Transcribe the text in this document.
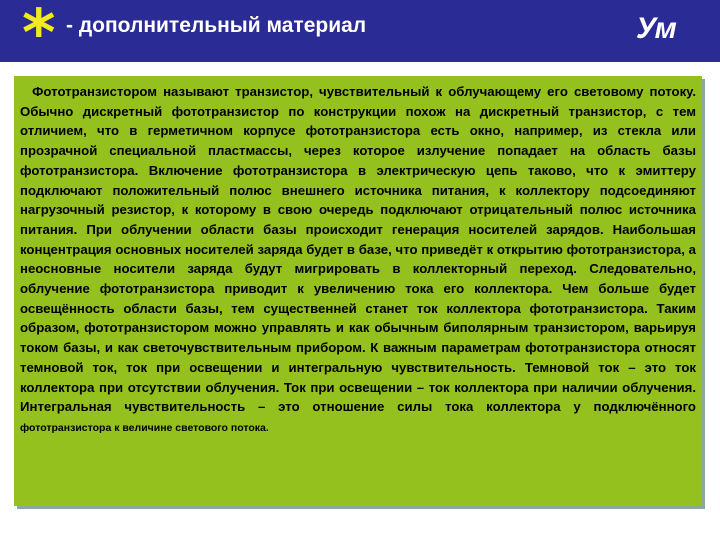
* - дополнительный материал	Ум

Фототранзистором называют транзистор, чувствительный к облучающему его световому потоку. Обычно дискретный фототранзистор по конструкции похож на дискретный транзистор, с тем отличием, что в герметичном корпусе фототранзистора есть окно, например, из стекла или прозрачной специальной пластмассы, через которое излучение попадает на область базы фототранзистора. Включение фототранзистора в электрическую цепь таково, что к эмиттеру подключают положительный полюс внешнего источника питания, к коллектору подсоединяют нагрузочный резистор, к которому в свою очередь подключают отрицательный полюс источника питания. При облучении области базы происходит генерация носителей зарядов. Наибольшая концентрация основных носителей заряда будет в базе, что приведёт к открытию фототранзистора, а неосновные носители заряда будут мигрировать в коллекторный переход. Следовательно, облучение фототранзистора приводит к увеличению тока его коллектора. Чем больше будет освещённость области базы, тем существенней станет ток коллектора фототранзистора. Таким образом, фототранзистором можно управлять и как обычным биполярным транзистором, варьируя током базы, и как светочувствительным прибором. К важным параметрам фототранзистора относят темновой ток, ток при освещении и интегральную чувствительность. Темновой ток – это ток коллектора при отсутствии облучения. Ток при освещении – ток коллектора при наличии облучения. Интегральная чувствительность – это отношение силы тока коллектора у подключённого фототранзистора к величине светового потока.
